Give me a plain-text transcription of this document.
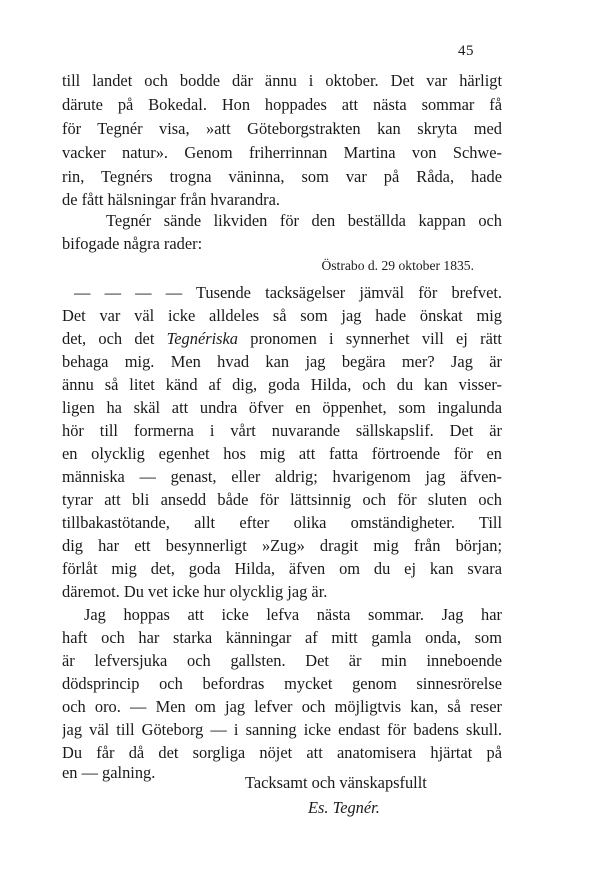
45
till landet och bodde där ännu i oktober. Det var härligt
därute på Bokedal. Hon hoppades att nästa sommar få
för Tegnér visa, »att Göteborgstrakten kan skryta med
vacker natur». Genom friherrinnan Martina von Schwe-
rin, Tegnérs trogna väninna, som var på Råda, hade
de fått hälsningar från hvarandra.
Tegnér sände likviden för den beställda kappan och
bifogade några rader:
Östrabo d. 29 oktober 1835.
— — — — Tusende tacksägelser jämväl för brefvet.
Det var väl icke alldeles så som jag hade önskat mig
det, och det Tegnériska pronomen i synnerhet vill ej rätt
behaga mig. Men hvad kan jag begära mer? Jag är
ännu så litet känd af dig, goda Hilda, och du kan visser-
ligen ha skäl att undra öfver en öppenhet, som ingalunda
hör till formerna i vårt nuvarande sällskapslif. Det är
en olycklig egenhet hos mig att fatta förtroende för en
människa — genast, eller aldrig; hvarigenom jag äfven-
tyrar att bli ansedd både för lättsinnig och för sluten och
tillbakastötande, allt efter olika omständigheter. Till
dig har ett besynnerligt »Zug» dragit mig från början;
förlåt mig det, goda Hilda, äfven om du ej kan svara
däremot. Du vet icke hur olycklig jag är.
Jag hoppas att icke lefva nästa sommar. Jag har
haft och har starka känningar af mitt gamla onda, som
är lefversjuka och gallsten. Det är min inneboende
dödsprincip och befordras mycket genom sinnesrörelse
och oro. — Men om jag lefver och möjligtvis kan, så reser
jag väl till Göteborg — i sanning icke endast för badens skull.
Du får då det sorgliga nöjet att anatomisera hjärtat på
en — galning.
Tacksamt och vänskapsfullt
Es. Tegnér.
